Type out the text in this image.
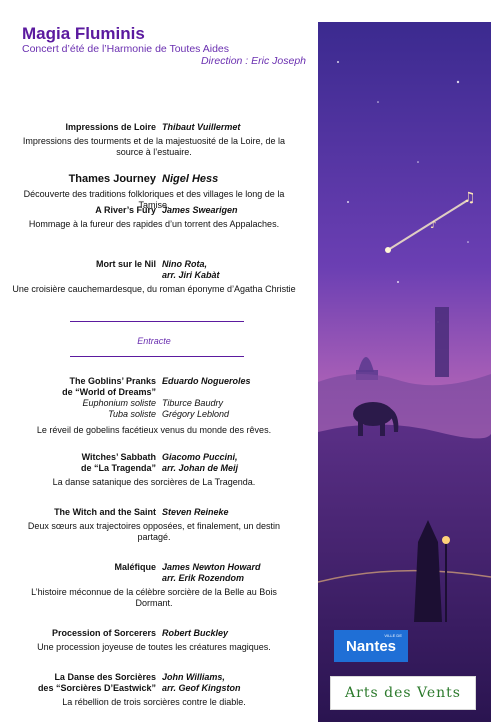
Magia Fluminis
Concert d’été de l’Harmonie de Toutes Aides
Direction : Eric Joseph
Impressions de Loire Thibaut Vuillermet
Impressions des tourments et de la majestuosité de la Loire, de la source à l’estuaire.
Thames Journey Nigel Hess
Découverte des traditions folkloriques et des villages le long de la Tamise.
A River’s Fury James Swearigen
Hommage à la fureur des rapides d’un torrent des Appalaches.
Mort sur le Nil Nino Rota,
arr. Jiri Kabàt
Une croisière cauchemardesque, du roman éponyme d’Agatha Christie
Entracte
The Goblins’ Pranks Eduardo Nogueroles
de “World of Dreams”
Euphonium soliste Tiburce Baudry
Tuba soliste Grégory Leblond
Le réveil de gobelins facétieux venus du monde des rêves.
Witches’ Sabbath Giacomo Puccini,
de “La Tragenda” arr. Johan de Meij
La danse satanique des sorcières de La Tragenda.
The Witch and the Saint Steven Reineke
Deux sœurs aux trajectoires opposées, et finalement, un destin partagé.
Maléfique James Newton Howard
arr. Erik Rozendom
L’histoire méconnue de la célèbre sorcière de la Belle au Bois Dormant.
Procession of Sorcerers Robert Buckley
Une procession joyeuse de toutes les créatures magiques.
La Danse des Sorcières John Williams,
des “Sorcières D’Eastwick” arr. Geof Kingston
La rébellion de trois sorcières contre le diable.
♫
♪
VILLE DE
Nantes
Arts des Vents
